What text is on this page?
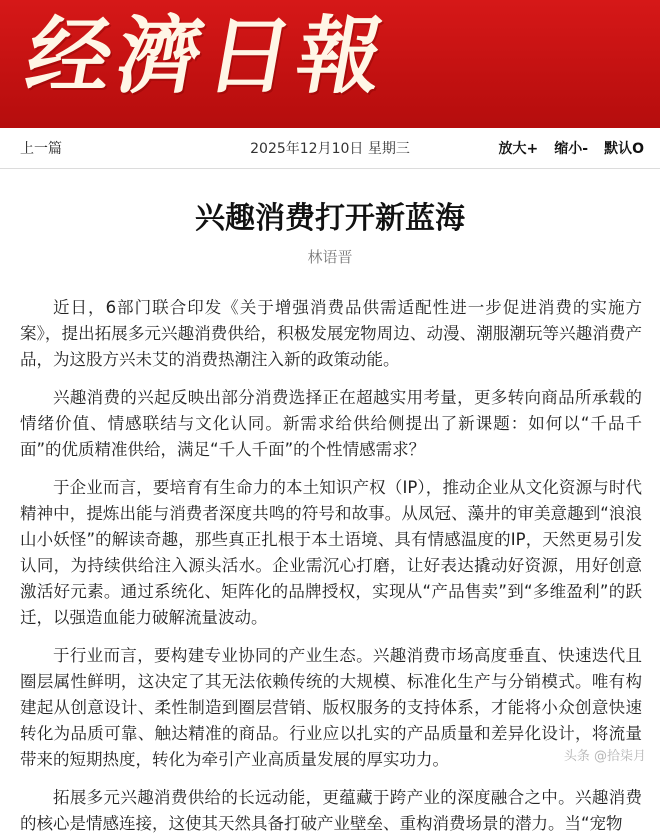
经濟日報
上一篇	2025年12月10日 星期三	放大+ 缩小- 默认O
兴趣消费打开新蓝海
林语晋

近日，6部门联合印发《关于增强消费品供需适配性进一步促进消费的实施方案》，提出拓展多元兴趣消费供给，积极发展宠物周边、动漫、潮服潮玩等兴趣消费产品，为这股方兴未艾的消费热潮注入新的政策动能。

兴趣消费的兴起反映出部分消费选择正在超越实用考量，更多转向商品所承载的情绪价值、情感联结与文化认同。新需求给供给侧提出了新课题：如何以“千品千面”的优质精准供给，满足“千人千面”的个性情感需求？

于企业而言，要培育有生命力的本土知识产权（IP），推动企业从文化资源与时代精神中，提炼出能与消费者深度共鸣的符号和故事。从凤冠、藻井的审美意趣到“浪浪山小妖怪”的解读奇趣，那些真正扎根于本土语境、具有情感温度的IP，天然更易引发认同，为持续供给注入源头活水。企业需沉心打磨，让好表达撬动好资源，用好创意激活好元素。通过系统化、矩阵化的品牌授权，实现从“产品售卖”到“多维盈利”的跃迁，以强造血能力破解流量波动。

于行业而言，要构建专业协同的产业生态。兴趣消费市场高度垂直、快速迭代且圈层属性鲜明，这决定了其无法依赖传统的大规模、标准化生产与分销模式。唯有构建起从创意设计、柔性制造到圈层营销、版权服务的支持体系，才能将小众创意快速转化为品质可靠、触达精准的商品。行业应以扎实的产品质量和差异化设计，将流量带来的短期热度，转化为牵引产业高质量发展的厚实功力。

拓展多元兴趣消费供给的长远动能，更蕴藏于跨产业的深度融合之中。兴趣消费的核心是情感连接，这使其天然具备打破产业壁垒、重构消费场景的潜力。当“宠物

头条 @拾柒月
